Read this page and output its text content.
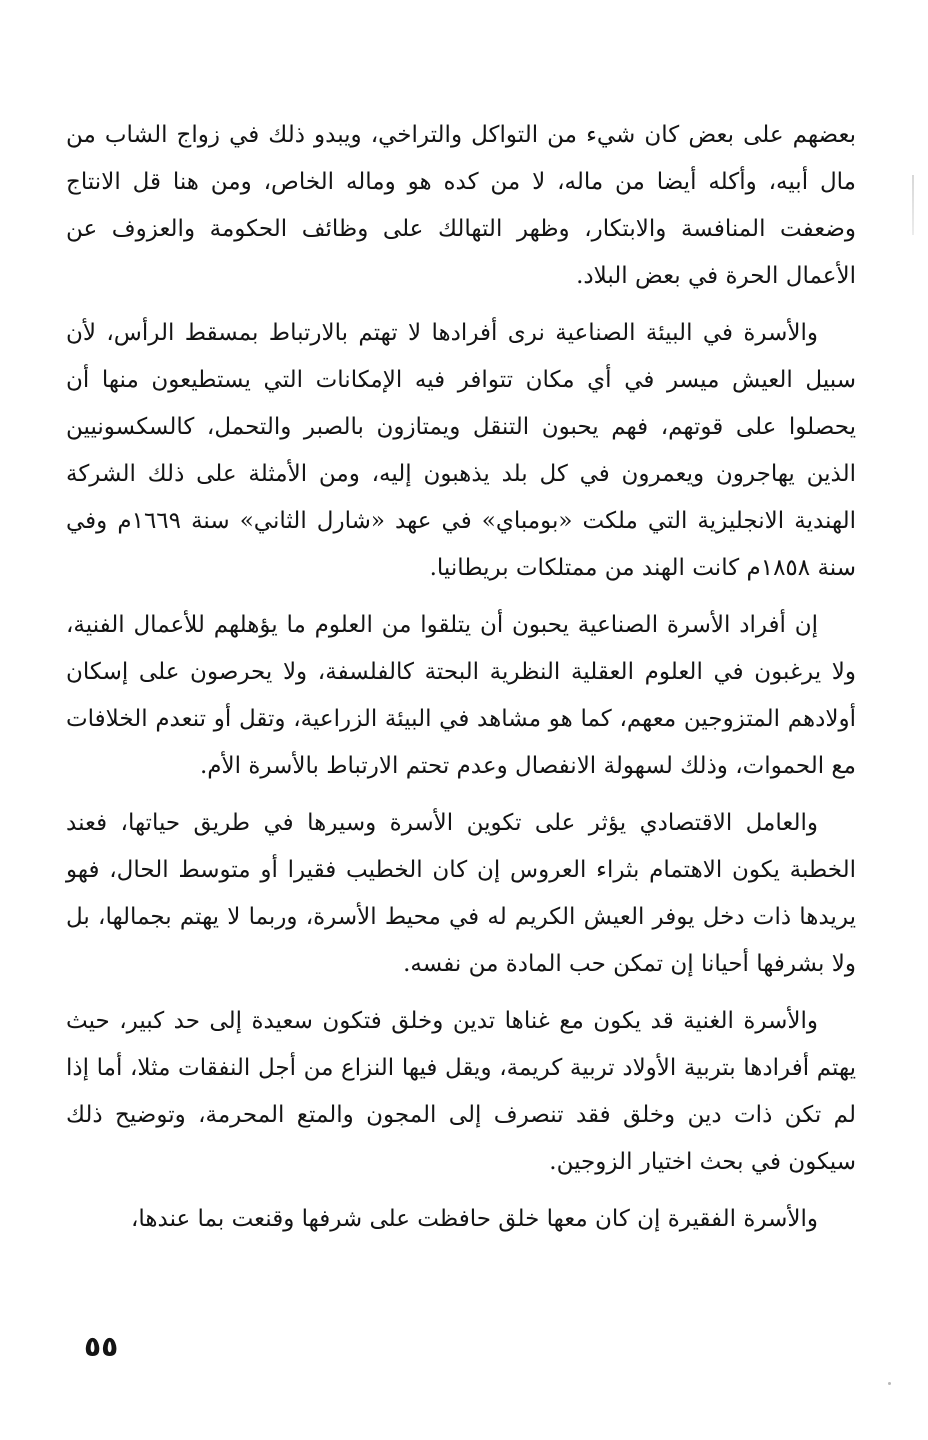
بعضهم على بعض كان شيء من التواكل والتراخي، ويبدو ذلك في زواج الشاب من مال أبيه، وأكله أيضا من ماله، لا من كده هو وماله الخاص، ومن هنا قل الانتاج وضعفت المنافسة والابتكار، وظهر التهالك على وظائف الحكومة والعزوف عن الأعمال الحرة في بعض البلاد.

والأسرة في البيئة الصناعية نرى أفرادها لا تهتم بالارتباط بمسقط الرأس، لأن سبيل العيش ميسر في أي مكان تتوافر فيه الإمكانات التي يستطيعون منها أن يحصلوا على قوتهم، فهم يحبون التنقل ويمتازون بالصبر والتحمل، كالسكسونيين الذين يهاجرون ويعمرون في كل بلد يذهبون إليه، ومن الأمثلة على ذلك الشركة الهندية الانجليزية التي ملكت «بومباي» في عهد «شارل الثاني» سنة ١٦٦٩م وفي سنة ١٨٥٨م كانت الهند من ممتلكات بريطانيا.

إن أفراد الأسرة الصناعية يحبون أن يتلقوا من العلوم ما يؤهلهم للأعمال الفنية، ولا يرغبون في العلوم العقلية النظرية البحتة كالفلسفة، ولا يحرصون على إسكان أولادهم المتزوجين معهم، كما هو مشاهد في البيئة الزراعية، وتقل أو تنعدم الخلافات مع الحموات، وذلك لسهولة الانفصال وعدم تحتم الارتباط بالأسرة الأم.

والعامل الاقتصادي يؤثر على تكوين الأسرة وسيرها في طريق حياتها، فعند الخطبة يكون الاهتمام بثراء العروس إن كان الخطيب فقيرا أو متوسط الحال، فهو يريدها ذات دخل يوفر العيش الكريم له في محيط الأسرة، وربما لا يهتم بجمالها، بل ولا بشرفها أحيانا إن تمكن حب المادة من نفسه.

والأسرة الغنية قد يكون مع غناها تدين وخلق فتكون سعيدة إلى حد كبير، حيث يهتم أفرادها بتربية الأولاد تربية كريمة، ويقل فيها النزاع من أجل النفقات مثلا، أما إذا لم تكن ذات دين وخلق فقد تنصرف إلى المجون والمتع المحرمة، وتوضيح ذلك سيكون في بحث اختيار الزوجين.

والأسرة الفقيرة إن كان معها خلق حافظت على شرفها وقنعت بما عندها،

٥٥
